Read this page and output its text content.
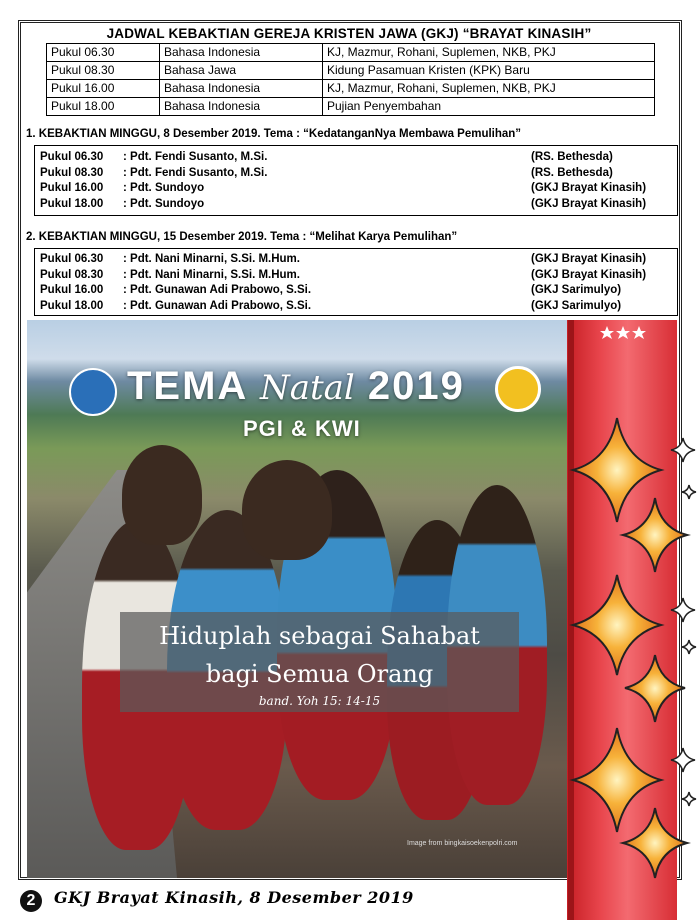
JADWAL KEBAKTIAN GEREJA KRISTEN JAWA (GKJ) “BRAYAT KINASIH”
Pukul 06.30	Bahasa Indonesia	KJ, Mazmur, Rohani, Suplemen, NKB, PKJ
Pukul 08.30	Bahasa Jawa	Kidung Pasamuan Kristen (KPK) Baru
Pukul 16.00	Bahasa Indonesia	KJ, Mazmur, Rohani, Suplemen, NKB, PKJ
Pukul 18.00	Bahasa Indonesia	Pujian Penyembahan
1. KEBAKTIAN MINGGU, 8 Desember 2019. Tema : “KedatanganNya Membawa Pemulihan”
Pukul 06.30 : Pdt. Fendi Susanto, M.Si.	(RS. Bethesda)
Pukul 08.30 : Pdt. Fendi Susanto, M.Si.	(RS. Bethesda)
Pukul 16.00 : Pdt. Sundoyo	(GKJ Brayat Kinasih)
Pukul 18.00 : Pdt. Sundoyo	(GKJ Brayat Kinasih)
2. KEBAKTIAN MINGGU, 15 Desember 2019. Tema : “Melihat Karya Pemulihan”
Pukul 06.30 : Pdt. Nani Minarni, S.Si. M.Hum.	(GKJ Brayat Kinasih)
Pukul 08.30 : Pdt. Nani Minarni, S.Si. M.Hum.	(GKJ Brayat Kinasih)
Pukul 16.00 : Pdt. Gunawan Adi Prabowo, S.Si.	(GKJ Sarimulyo)
Pukul 18.00 : Pdt. Gunawan Adi Prabowo, S.Si.	(GKJ Sarimulyo)
TEMA Natal 2019
PGI & KWI
Hiduplah sebagai Sahabat
bagi Semua Orang
band. Yoh 15: 14-15
Image from bingkaisoekenpolri.com
2	GKJ Brayat Kinasih, 8 Desember 2019
